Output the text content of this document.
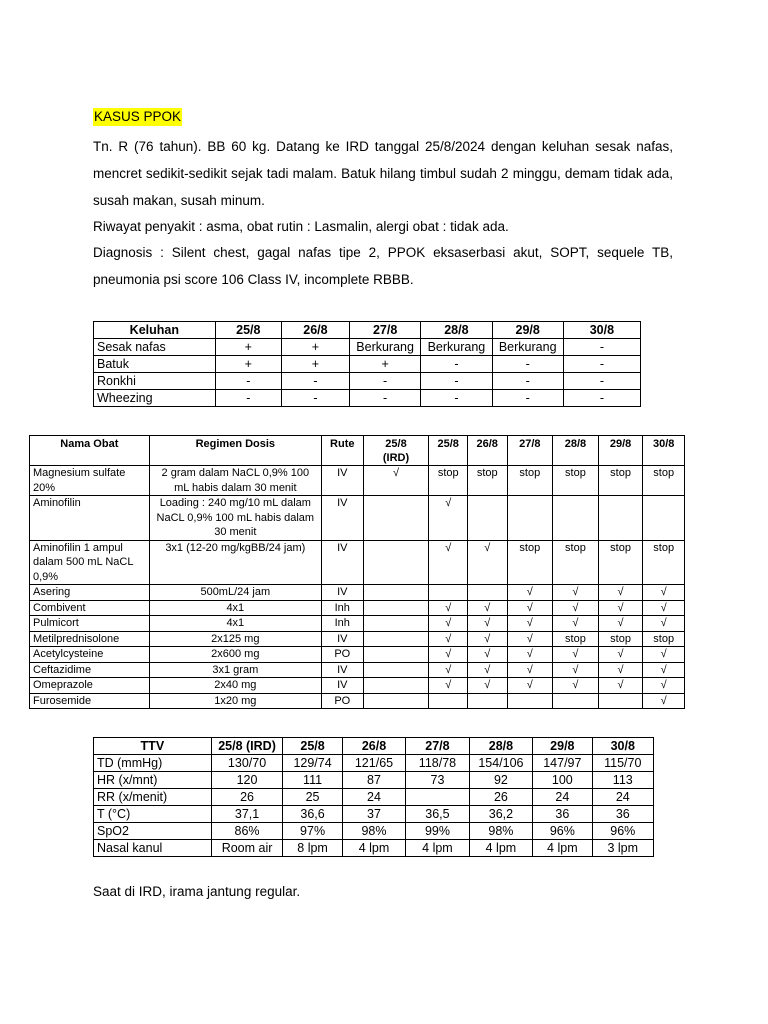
KASUS PPOK
Tn. R (76 tahun). BB 60 kg. Datang ke IRD tanggal 25/8/2024 dengan keluhan sesak nafas, mencret sedikit-sedikit sejak tadi malam. Batuk hilang timbul sudah 2 minggu, demam tidak ada, susah makan, susah minum.
Riwayat penyakit : asma, obat rutin : Lasmalin, alergi obat : tidak ada.
Diagnosis : Silent chest, gagal nafas tipe 2, PPOK eksaserbasi akut, SOPT, sequele TB, pneumonia psi score 106 Class IV, incomplete RBBB.
Keluhan	25/8	26/8	27/8	28/8	29/8	30/8
Sesak nafas	+	+	Berkurang	Berkurang	Berkurang	-
Batuk	+	+	+	-	-	-
Ronkhi	-	-	-	-	-	-
Wheezing	-	-	-	-	-	-
Nama Obat	Regimen Dosis	Rute	25/8 (IRD)	25/8	26/8	27/8	28/8	29/8	30/8
Magnesium sulfate 20%	2 gram dalam NaCL 0,9% 100 mL habis dalam 30 menit	IV	√	stop	stop	stop	stop	stop	stop
Aminofilin	Loading : 240 mg/10 mL dalam NaCL 0,9% 100 mL habis dalam 30 menit	IV		√					
Aminofilin 1 ampul dalam 500 mL NaCL 0,9%	3x1 (12-20 mg/kgBB/24 jam)	IV		√	√	stop	stop	stop	stop
Asering	500mL/24 jam	IV				√	√	√	√
Combivent	4x1	Inh		√	√	√	√	√	√
Pulmicort	4x1	Inh		√	√	√	√	√	√
Metilprednisolone	2x125 mg	IV		√	√	√	stop	stop	stop
Acetylcysteine	2x600 mg	PO		√	√	√	√	√	√
Ceftazidime	3x1 gram	IV		√	√	√	√	√	√
Omeprazole	2x40 mg	IV		√	√	√	√	√	√
Furosemide	1x20 mg	PO							√
TTV	25/8 (IRD)	25/8	26/8	27/8	28/8	29/8	30/8
TD (mmHg)	130/70	129/74	121/65	118/78	154/106	147/97	115/70
HR (x/mnt)	120	111	87	73	92	100	113
RR (x/menit)	26	25	24		26	24	24
T (°C)	37,1	36,6	37	36,5	36,2	36	36
SpO2	86%	97%	98%	99%	98%	96%	96%
Nasal kanul	Room air	8 lpm	4 lpm	4 lpm	4 lpm	4 lpm	3 lpm
Saat di IRD, irama jantung regular.
